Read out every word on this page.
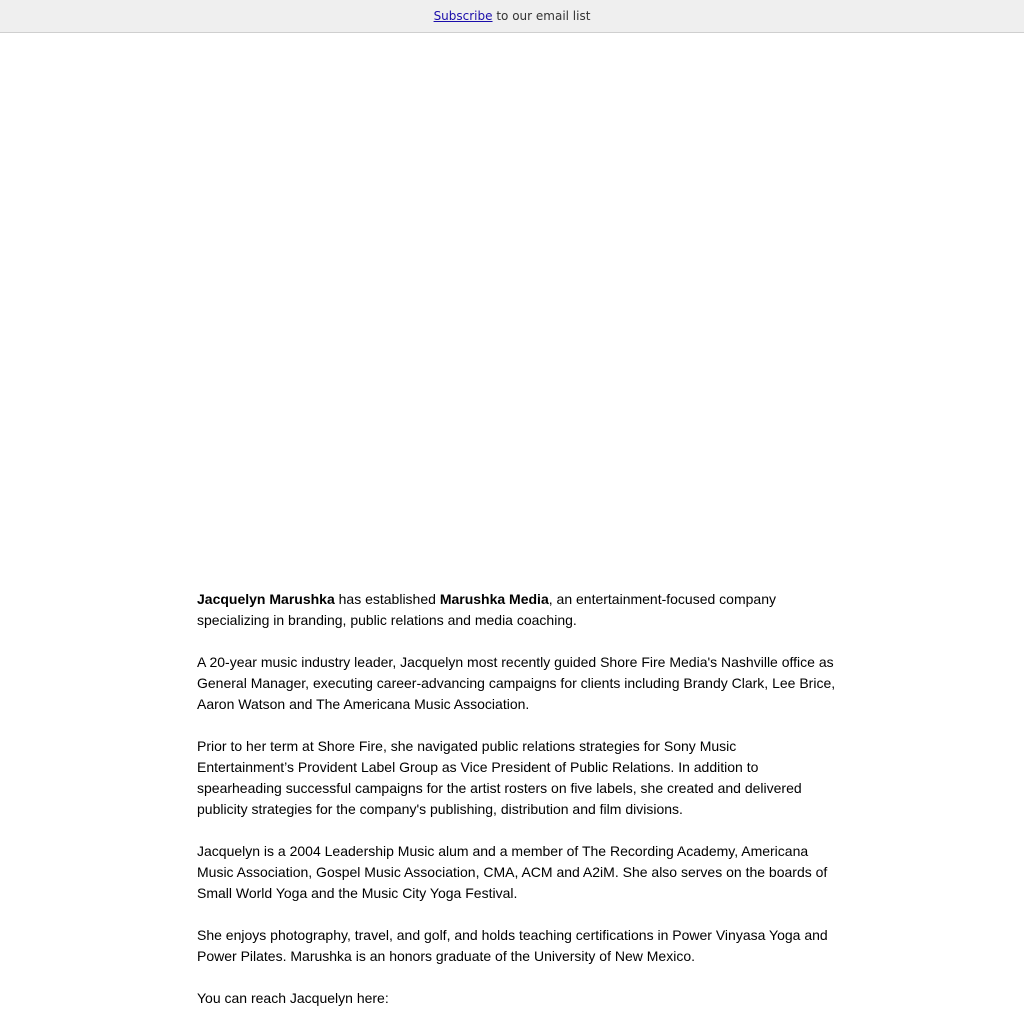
Subscribe to our email list

Jacquelyn Marushka has established Marushka Media, an entertainment-focused company specializing in branding, public relations and media coaching.

A 20-year music industry leader, Jacquelyn most recently guided Shore Fire Media's Nashville office as General Manager, executing career-advancing campaigns for clients including Brandy Clark, Lee Brice, Aaron Watson and The Americana Music Association.

Prior to her term at Shore Fire, she navigated public relations strategies for Sony Music Entertainment’s Provident Label Group as Vice President of Public Relations. In addition to spearheading successful campaigns for the artist rosters on five labels, she created and delivered publicity strategies for the company's publishing, distribution and film divisions.

Jacquelyn is a 2004 Leadership Music alum and a member of The Recording Academy, Americana Music Association, Gospel Music Association, CMA, ACM and A2iM. She also serves on the boards of Small World Yoga and the Music City Yoga Festival.

She enjoys photography, travel, and golf, and holds teaching certifications in Power Vinyasa Yoga and Power Pilates. Marushka is an honors graduate of the University of New Mexico.

You can reach Jacquelyn here:
